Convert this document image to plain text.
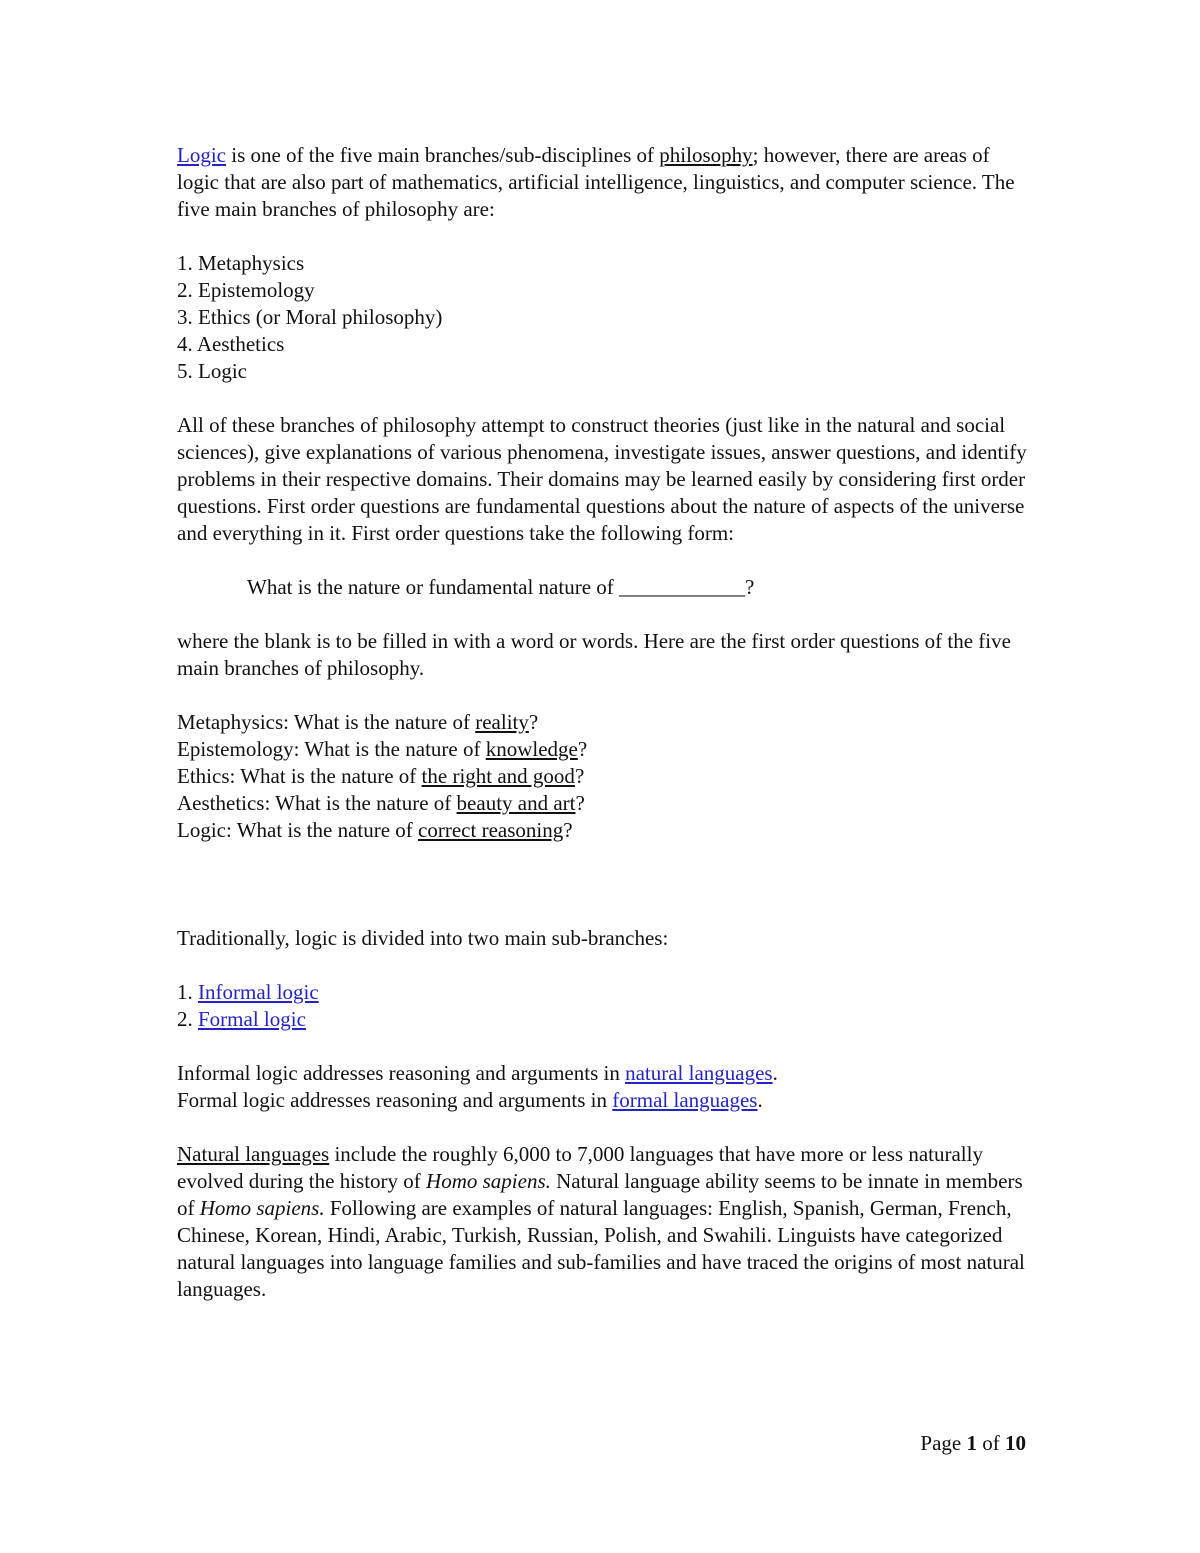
Logic is one of the five main branches/sub-disciplines of philosophy; however, there are areas of logic that are also part of mathematics, artificial intelligence, linguistics, and computer science. The five main branches of philosophy are:

1. Metaphysics

2. Epistemology

3. Ethics (or Moral philosophy)

4. Aesthetics

5. Logic

All of these branches of philosophy attempt to construct theories (just like in the natural and social sciences), give explanations of various phenomena, investigate issues, answer questions, and identify problems in their respective domains. Their domains may be learned easily by considering first order questions. First order questions are fundamental questions about the nature of aspects of the universe and everything in it. First order questions take the following form:

What is the nature or fundamental nature of ____________?

where the blank is to be filled in with a word or words. Here are the first order questions of the five main branches of philosophy.

Metaphysics: What is the nature of reality?

Epistemology: What is the nature of knowledge?

Ethics: What is the nature of the right and good?

Aesthetics: What is the nature of beauty and art?

Logic: What is the nature of correct reasoning?

Traditionally, logic is divided into two main sub-branches:

1. Informal logic

2. Formal logic

Informal logic addresses reasoning and arguments in natural languages.

Formal logic addresses reasoning and arguments in formal languages.

Natural languages include the roughly 6,000 to 7,000 languages that have more or less naturally evolved during the history of Homo sapiens. Natural language ability seems to be innate in members of Homo sapiens. Following are examples of natural languages: English, Spanish, German, French, Chinese, Korean, Hindi, Arabic, Turkish, Russian, Polish, and Swahili. Linguists have categorized natural languages into language families and sub-families and have traced the origins of most natural languages.

Page 1 of 10
